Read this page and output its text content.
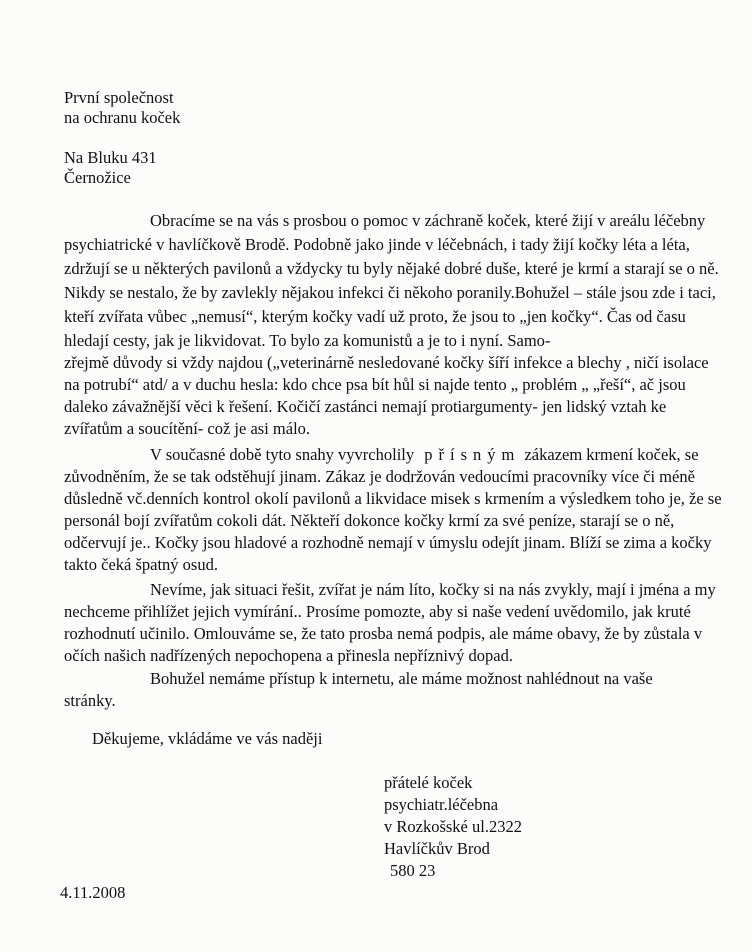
První společnost
na ochranu koček
Na Bluku 431
Černožice
Obracíme se na vás s prosbou o pomoc v záchraně koček, které žijí v areálu léčebny
psychiatrické v havlíčkově Brodě. Podobně jako jinde v léčebnách, i tady žijí kočky léta a léta,
zdržují se u některých pavilonů a vždycky tu byly nějaké dobré duše, které je krmí a starají se o ně.
Nikdy se nestalo, že by zavlekly nějakou infekci či někoho poranily.Bohužel – stále jsou zde i taci,
kteří zvířata vůbec „nemusí“, kterým kočky vadí už proto, že jsou to „jen kočky“. Čas od času
hledají cesty, jak je likvidovat. To bylo za komunistů a je to i nyní. Samo-
zřejmě důvody si vždy najdou („veterinárně nesledované kočky šíří infekce a blechy , ničí isolace
na potrubí“ atd/ a v duchu hesla: kdo chce psa bít hůl si najde tento „ problém „ „řeší“, ač jsou
daleko závažnější věci k řešení. Kočičí zastánci nemají protiargumenty- jen lidský vztah ke
zvířatům a soucítění- což je asi málo.
V současné době tyto snahy vyvrcholily přísným zákazem krmení koček, se
zůvodněním, že se tak odstěhují jinam. Zákaz je dodržován vedoucími pracovníky více či méně
důsledně vč.denních kontrol okolí pavilonů a likvidace misek s krmením a výsledkem toho je, že se
personál bojí zvířatům cokoli dát. Někteří dokonce kočky krmí za své peníze, starají se o ně,
odčervují je.. Kočky jsou hladové a rozhodně nemají v úmyslu odejít jinam. Blíží se zima a kočky
takto čeká špatný osud.
Nevíme, jak situaci řešit, zvířat je nám líto, kočky si na nás zvykly, mají i jména a my
nechceme přihlížet jejich vymírání.. Prosíme pomozte, aby si naše vedení uvědomilo, jak kruté
rozhodnutí učinilo. Omlouváme se, že tato prosba nemá podpis, ale máme obavy, že by zůstala v
očích našich nadřízených nepochopena a přinesla nepříznivý dopad.
Bohužel nemáme přístup k internetu, ale máme možnost nahlédnout na vaše
stránky.
Děkujeme, vkládáme ve vás naději
přátelé koček
psychiatr.léčebna
v Rozkošské ul.2322
Havlíčkův Brod
580 23
4.11.2008
